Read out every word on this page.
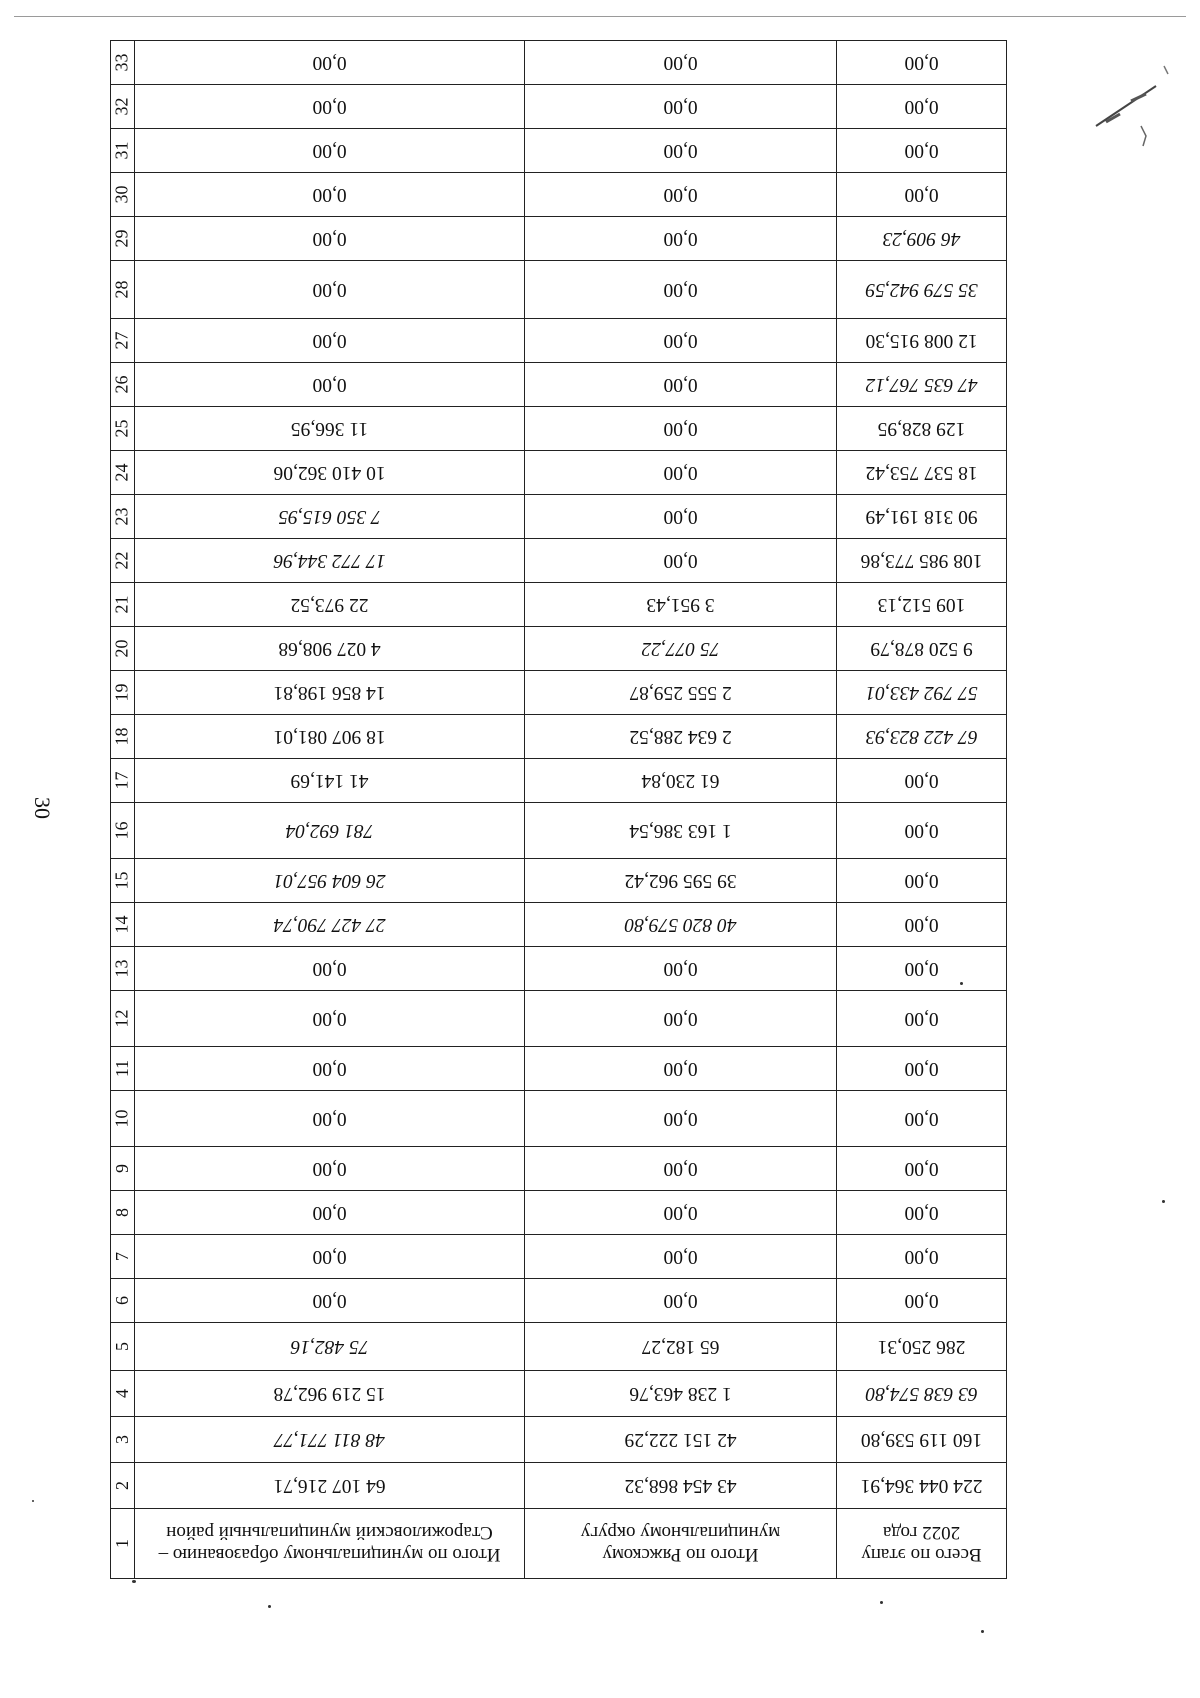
30
Всего по этапу 2022 года	Итого по Ряжскому муниципальному округу	Итого по муниципальному образованию – Старожиловский муниципальный район	1
224 044 364,91	43 454 868,32	64 107 216,71	2
160 119 539,80	42 151 222,29	48 811 771,77	3
63 638 574,80	1 238 463,76	15 219 962,78	4
286 250,31	65 182,27	75 482,16	5
0,00	0,00	0,00	6
0,00	0,00	0,00	7
0,00	0,00	0,00	8
0,00	0,00	0,00	9
0,00	0,00	0,00	10
0,00	0,00	0,00	11
0,00	0,00	0,00	12
0,00	0,00	0,00	13
0,00	40 820 579,80	27 427 790,74	14
0,00	39 595 962,42	26 604 957,01	15
0,00	1 163 386,54	781 692,04	16
0,00	61 230,84	41 141,69	17
67 422 823,93	2 634 288,52	18 907 081,01	18
57 792 433,01	2 555 259,87	14 856 198,81	19
9 520 878,79	75 077,22	4 027 908,68	20
109 512,13	3 951,43	22 973,52	21
108 985 773,86	0,00	17 772 344,96	22
90 318 191,49	0,00	7 350 615,95	23
18 537 753,42	0,00	10 410 362,06	24
129 828,95	0,00	11 366,95	25
47 635 767,12	0,00	0,00	26
12 008 915,30	0,00	0,00	27
35 579 942,59	0,00	0,00	28
46 909,23	0,00	0,00	29
0,00	0,00	0,00	30
0,00	0,00	0,00	31
0,00	0,00	0,00	32
0,00	0,00	0,00	33
